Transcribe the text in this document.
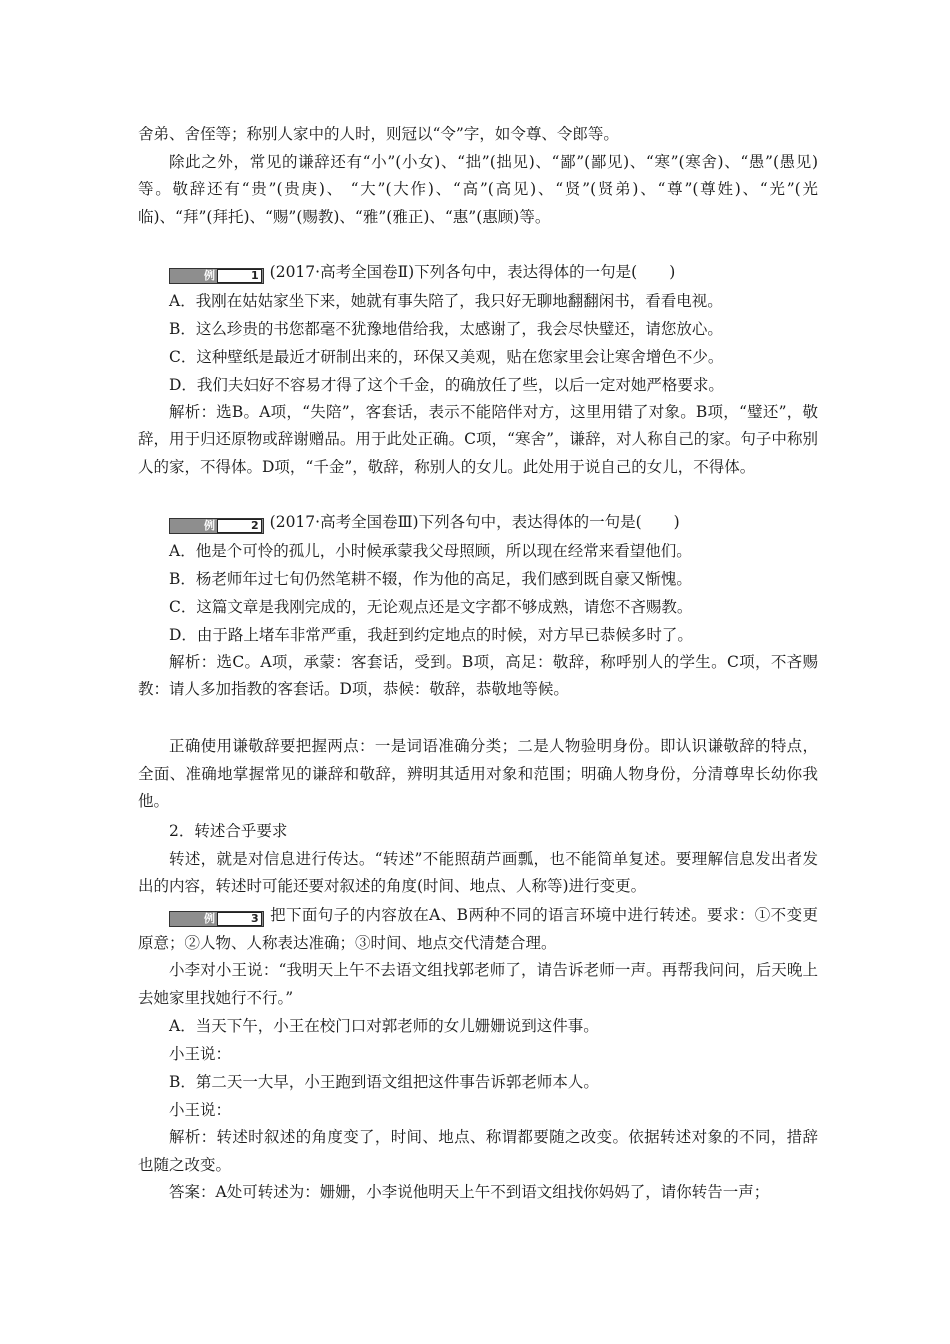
舍弟、舍侄等；称别人家中的人时，则冠以“令”字，如令尊、令郎等。

除此之外，常见的谦辞还有“小”(小女)、“拙”(拙见)、“鄙”(鄙见)、“寒”(寒舍)、“愚”(愚见)等。敬辞还有“贵”(贵庚)、 “大”(大作)、“高”(高见)、“贤”(贤弟)、“尊”(尊姓)、“光”(光临)、“拜”(拜托)、“赐”(赐教)、“雅”(雅正)、“惠”(惠顾)等。

例	1 (2017·高考全国卷Ⅱ)下列各句中，表达得体的一句是( )

A．我刚在姑姑家坐下来，她就有事失陪了，我只好无聊地翻翻闲书，看看电视。

B．这么珍贵的书您都毫不犹豫地借给我，太感谢了，我会尽快璧还，请您放心。

C．这种壁纸是最近才研制出来的，环保又美观，贴在您家里会让寒舍增色不少。

D．我们夫妇好不容易才得了这个千金，的确放任了些，以后一定对她严格要求。

解析：选B。A项，“失陪”，客套话，表示不能陪伴对方，这里用错了对象。B项，“璧还”，敬辞，用于归还原物或辞谢赠品。用于此处正确。C项，“寒舍”，谦辞，对人称自己的家。句子中称别人的家，不得体。D项，“千金”，敬辞，称别人的女儿。此处用于说自己的女儿，不得体。

例	2 (2017·高考全国卷Ⅲ)下列各句中，表达得体的一句是( )

A．他是个可怜的孤儿，小时候承蒙我父母照顾，所以现在经常来看望他们。

B．杨老师年过七旬仍然笔耕不辍，作为他的高足，我们感到既自豪又惭愧。

C．这篇文章是我刚完成的，无论观点还是文字都不够成熟，请您不吝赐教。

D．由于路上堵车非常严重，我赶到约定地点的时候，对方早已恭候多时了。

解析：选C。A项，承蒙：客套话，受到。B项，高足：敬辞，称呼别人的学生。C项，不吝赐教：请人多加指教的客套话。D项，恭候：敬辞，恭敬地等候。

正确使用谦敬辞要把握两点：一是词语准确分类；二是人物验明身份。即认识谦敬辞的特点，全面、准确地掌握常见的谦辞和敬辞，辨明其适用对象和范围；明确人物身份，分清尊卑长幼你我他。

2．转述合乎要求

转述，就是对信息进行传达。“转述”不能照葫芦画瓢，也不能简单复述。要理解信息发出者发出的内容，转述时可能还要对叙述的角度(时间、地点、人称等)进行变更。

例	3 把下面句子的内容放在A、B两种不同的语言环境中进行转述。要求：①不变更原意；②人物、人称表达准确；③时间、地点交代清楚合理。

小李对小王说：“我明天上午不去语文组找郭老师了，请告诉老师一声。再帮我问问，后天晚上去她家里找她行不行。”

A．当天下午，小王在校门口对郭老师的女儿姗姗说到这件事。

小王说：

B．第二天一大早，小王跑到语文组把这件事告诉郭老师本人。

小王说：

解析：转述时叙述的角度变了，时间、地点、称谓都要随之改变。依据转述对象的不同，措辞也随之改变。

答案：A处可转述为：姗姗，小李说他明天上午不到语文组找你妈妈了，请你转告一声；
